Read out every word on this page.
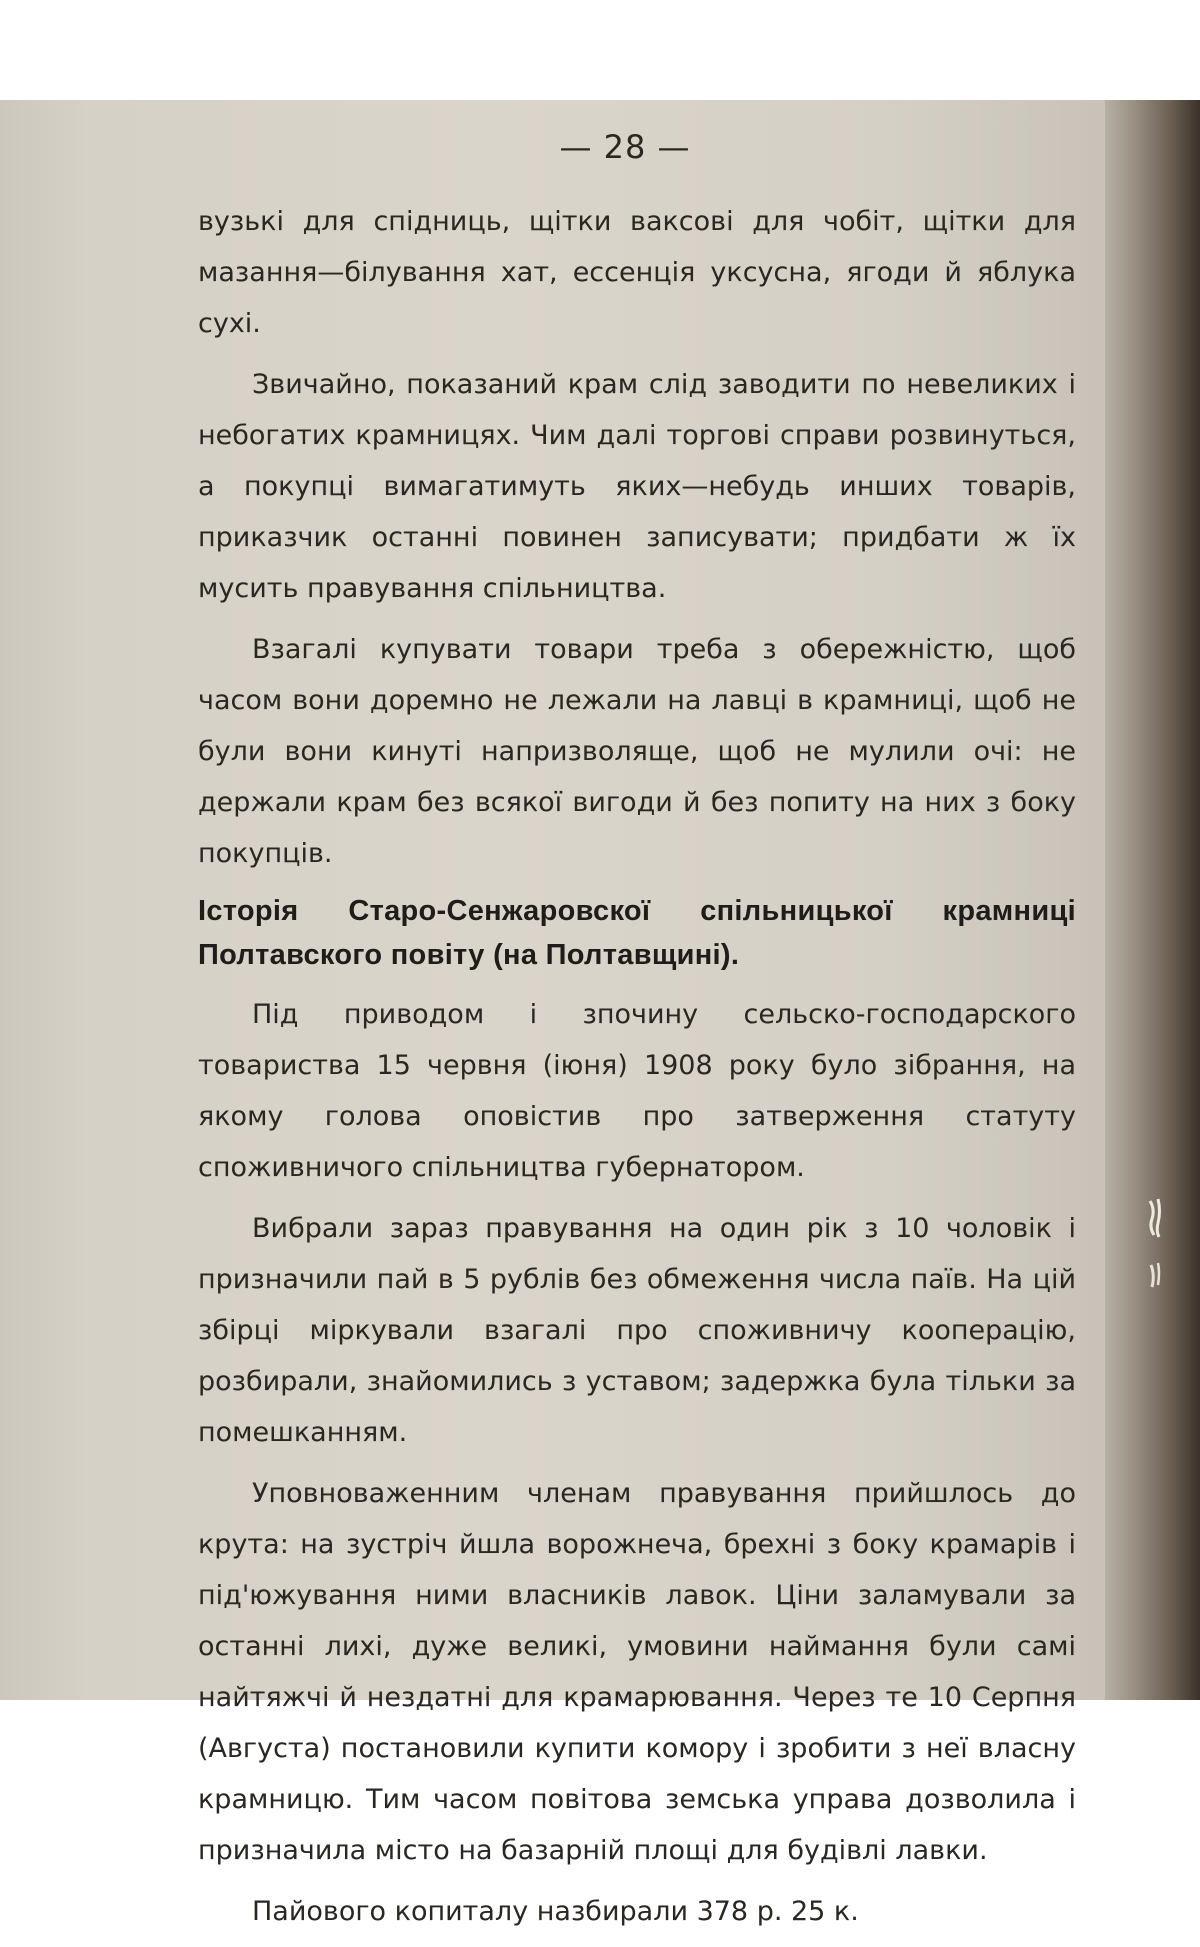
— 28 —

вузькі для спідниць, щітки ваксові для чобіт, щітки для мазання—білування хат, ессенція уксусна, ягоди й яблука сухі.

Звичайно, показаний крам слід заводити по невеликих і небогатих крамницях. Чим далі торгові справи розвинуться, а покупці вимагатимуть яких—небудь инших товарів, приказчик останні повинен записувати; придбати ж їх мусить правування спільництва.

Взагалі купувати товари треба з обережністю, щоб часом вони доремно не лежали на лавці в крамниці, щоб не були вони кинуті напризволяще, щоб не мулили очі: не держали крам без всякої вигоди й без попиту на них з боку покупців.

Історія Старо-Сенжаровскої спільницької крамниці Полтавского повіту (на Полтавщині).

Під приводом і зпочину сельско-господарского товариства 15 червня (іюня) 1908 року було зібрання, на якому голова оповістив про затверження статуту споживничого спільництва губернатором.

Вибрали зараз правування на один рік з 10 чоловік і призначили пай в 5 рублів без обмеження числа паїв. На цій збірці міркували взагалі про споживничу кооперацію, розбирали, знайомились з уставом; задержка була тільки за помешканням.

Уповноваженним членам правування прийшлось до крута: на зустріч йшла ворожнеча, брехні з боку крамарів і під'южування ними власників лавок. Ціни заламували за останні лихі, дуже великі, умовини наймання були самі найтяжчі й нездатні для крамарювання. Через те 10 Серпня (Августа) постановили купити комору і зробити з неї власну крамницю. Тим часом повітова земська управа дозволила і призначила місто на базарній площі для будівлі лавки.

Пайового копиталу назбирали 378 р. 25 к.
